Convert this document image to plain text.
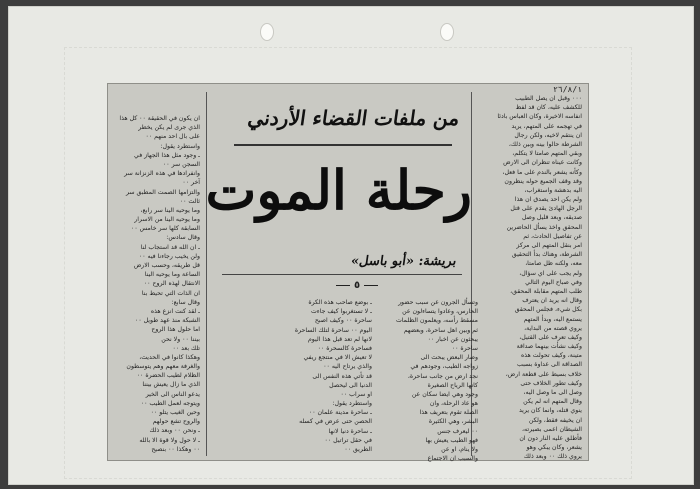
٢٦/٨/١
٠٠٠ وقبل ان يصل الطبيب
للكشف عليه، كان قد لفظ
انفاسه الاخيرة، وكان العباس بادئا
في تهجمه على المتهم، يريد
ان ينتقم لاخيه، ولكن رجال
الشرطة حالوا بينه وبين ذلك،
وبقي المتهم صامتا لا يتكلم،
وكانت عيناه تنظران الى الارض
وكأنه يشعر بالندم على ما فعل،
وقد وقف الجميع حوله ينظرون
اليه بدهشة واستغراب،
ولم يكن احد يصدق ان هذا
الرجل الهادئ يقدم على قتل
صديقه، وبعد قليل وصل
المحقق واخذ يسأل الحاضرين
عن تفاصيل الحادث، ثم
امر بنقل المتهم الى مركز
الشرطة، وهناك بدأ التحقيق
معه، ولكنه ظل صامتا،
ولم يجب على اي سؤال،
وفي صباح اليوم التالي
طلب المتهم مقابلة المحقق،
وقال انه يريد ان يعترف
بكل شيء، فجلس المحقق
يستمع اليه، وبدأ المتهم
يروي قصته من البداية،
وكيف تعرف على القتيل،
وكيف نشأت بينهما صداقة
متينة، وكيف تحولت هذه
الصداقة الى عداوة بسبب
خلاف بسيط على قطعة ارض،
وكيف تطور الخلاف حتى
وصل الى ما وصل اليه،
وقال المتهم انه لم يكن
ينوي قتله، وانما كان يريد
ان يخيفه فقط، ولكن
الشيطان اعمى بصيرته،
فأطلق عليه النار دون ان
يشعر، وكان يبكي وهو
يروي ذلك ٠٠ وبعد ذلك
ان يكون في الحقيقة ٠٠ كل هذا
الذي جرى لم يكن يخطر
على بال احد منهم ٠٠
واستطرد يقول:
ـ وجود مثل هذا الجهاز في
السجن سر ٠٠
وانفرادها في هذه الزنزانة سر
آخر ٠٠
والتزامها الصمت المطبق سر
ثالث ٠٠
وما يوحيه الينا سر رابع،
وما يوحيه الينا من الاسرار
السابقة كلها سر خامس ٠٠
وقال سادس:
ـ ان الله قد استجاب لنا
ولن يخيب رجاءنا فيه ٠٠
قل طريقه، وحسب الارض
الساعة وما يوحيه الينا
الانتقال لهذه الروح ٠٠
ان الذات التي تحيط بنا
وقال سابع:
ـ لقد كنت انزع هذه
الشبكة منذ عهد طويل ٠٠
اما حلول هذا الروح
بيننا ٠٠ ولا نحن
تلك بعد ٠٠
وهكذا كانوا في الحديث،
والغرفة معهم وهم يتوسطون
الظلام لطيب الحضرة ٠٠
الذي ما زال يعيش بيننا
يدعو الناس الى الخير
ويتوجه لعمل الطيب ٠٠
وحين الغيب يتلو ٠٠
والروح تشع حولهم
ـ ونحن ٠٠ وبعد ذلك
ـ لا حول ولا قوة الا بالله
٠٠ وهكذا ٠٠ بنصيح
ـ بوضع صاحب هذه الكرة
ـ لا تستغربوا كيف جاءت
ساحرة ٠٠ وكيف اصبح
اليوم ٠٠ ساحرة لتلك الساحرة
لانها لم تعد قبل هذا اليوم
فساحرة كالسحرة ٠٠
لا تعيش الا في منتجع ريفي
والذي يرتاح اليه ٠٠
قد تأتي هذه النفس الى
الدنيا الى ليحصل
او سراب ٠٠
واستطرد يقول:
ـ ساحرة مدينة علمان ٠٠
الحصن حتى عرض في كسله
ـ ساحرة دنيا لانها
في حقل تراتيل ٠٠
الطريق ٠٠
وتسأل الجرون عن سبب حضور
الحارس، وعادوا يتساءلون عن
مسقط رأسه، ويعلمون الظلمات
ثم وبين اهل ساحرة، وبعضهم
يبحثون عن اخبار ٠٠
ساحرة ٠٠
وصار البعض يبحث الى
زواجه الطيب، وجودهم في
نجد ارض من جانب ساحرة،
كانها الرياح الصغيرة
وجود وهي ايضا سكان عن
هو عاد الرحلة، وان
الصلة تقوم بتعريف هذا
البشر، وهي الكثيرة
٠٠ ليعرف جنس
فهو الطيب يعيش بها
ولا ينام، او عن
والسبب ان الاجتماع
من ملفات القضاء الأردني
رحلة الموت
بريشة: «أبو باسل»
٥
